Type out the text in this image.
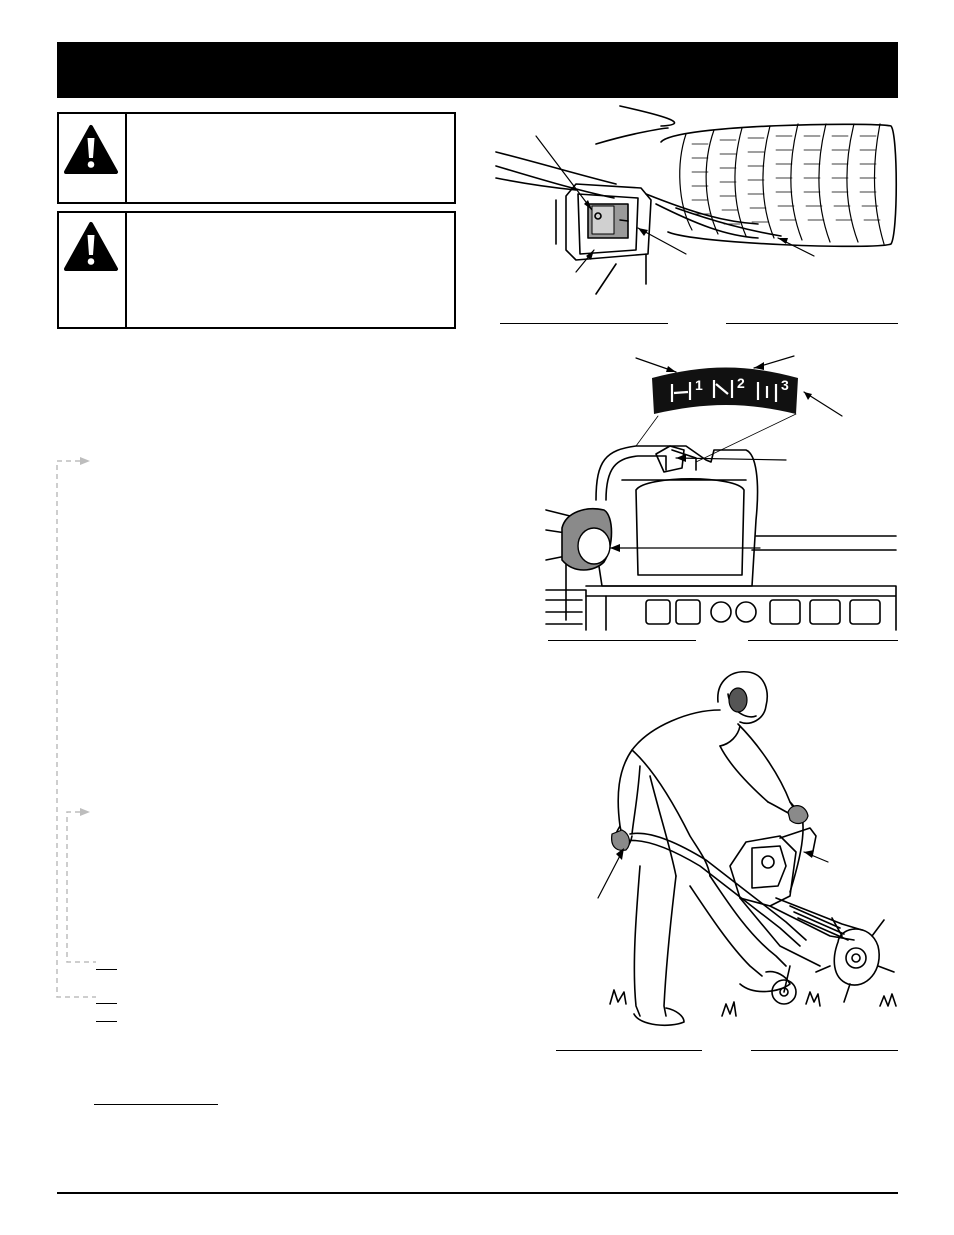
1 2	3
